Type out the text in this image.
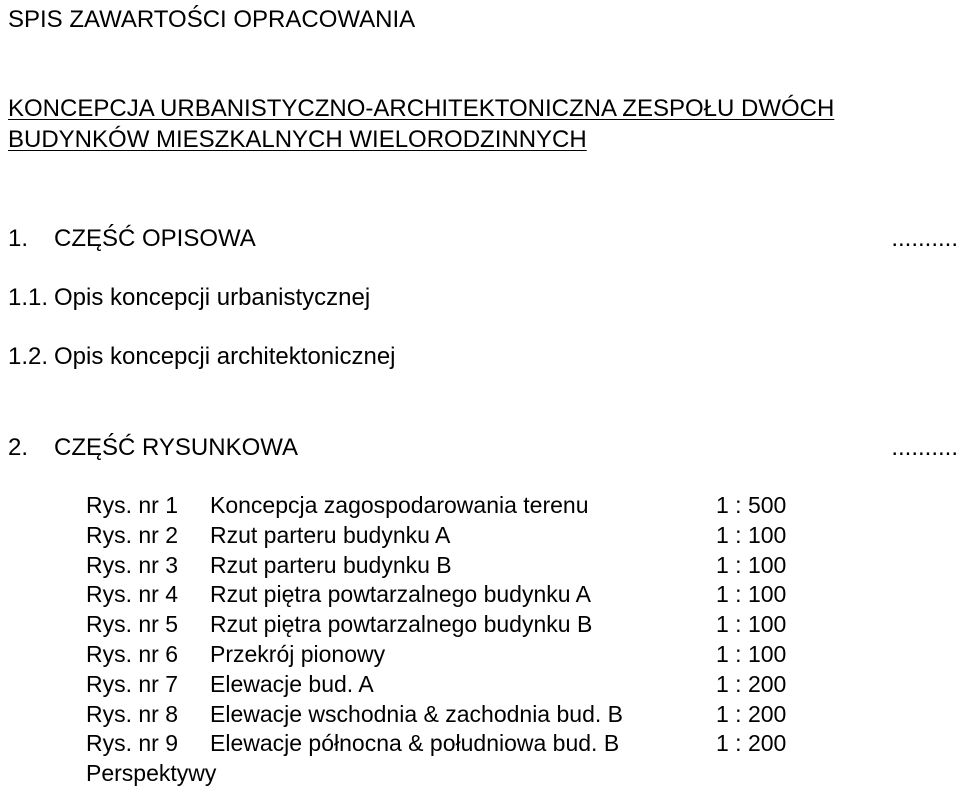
SPIS ZAWARTOŚCI OPRACOWANIA
KONCEPCJA URBANISTYCZNO-ARCHITEKTONICZNA ZESPOŁU DWÓCH
BUDYNKÓW MIESZKALNYCH WIELORODZINNYCH
1. CZĘŚĆ OPISOWA	..........
1.1. Opis koncepcji urbanistycznej
1.2. Opis koncepcji architektonicznej
2. CZĘŚĆ RYSUNKOWA	..........
Rys. nr 1 Koncepcja zagospodarowania terenu	1 : 500
Rys. nr 2 Rzut parteru budynku A	1 : 100
Rys. nr 3 Rzut parteru budynku B	1 : 100
Rys. nr 4 Rzut piętra powtarzalnego budynku A	1 : 100
Rys. nr 5 Rzut piętra powtarzalnego budynku B	1 : 100
Rys. nr 6 Przekrój pionowy	1 : 100
Rys. nr 7 Elewacje bud. A	1 : 200
Rys. nr 8 Elewacje wschodnia & zachodnia bud. B	1 : 200
Rys. nr 9 Elewacje północna & południowa bud. B	1 : 200
Perspektywy
